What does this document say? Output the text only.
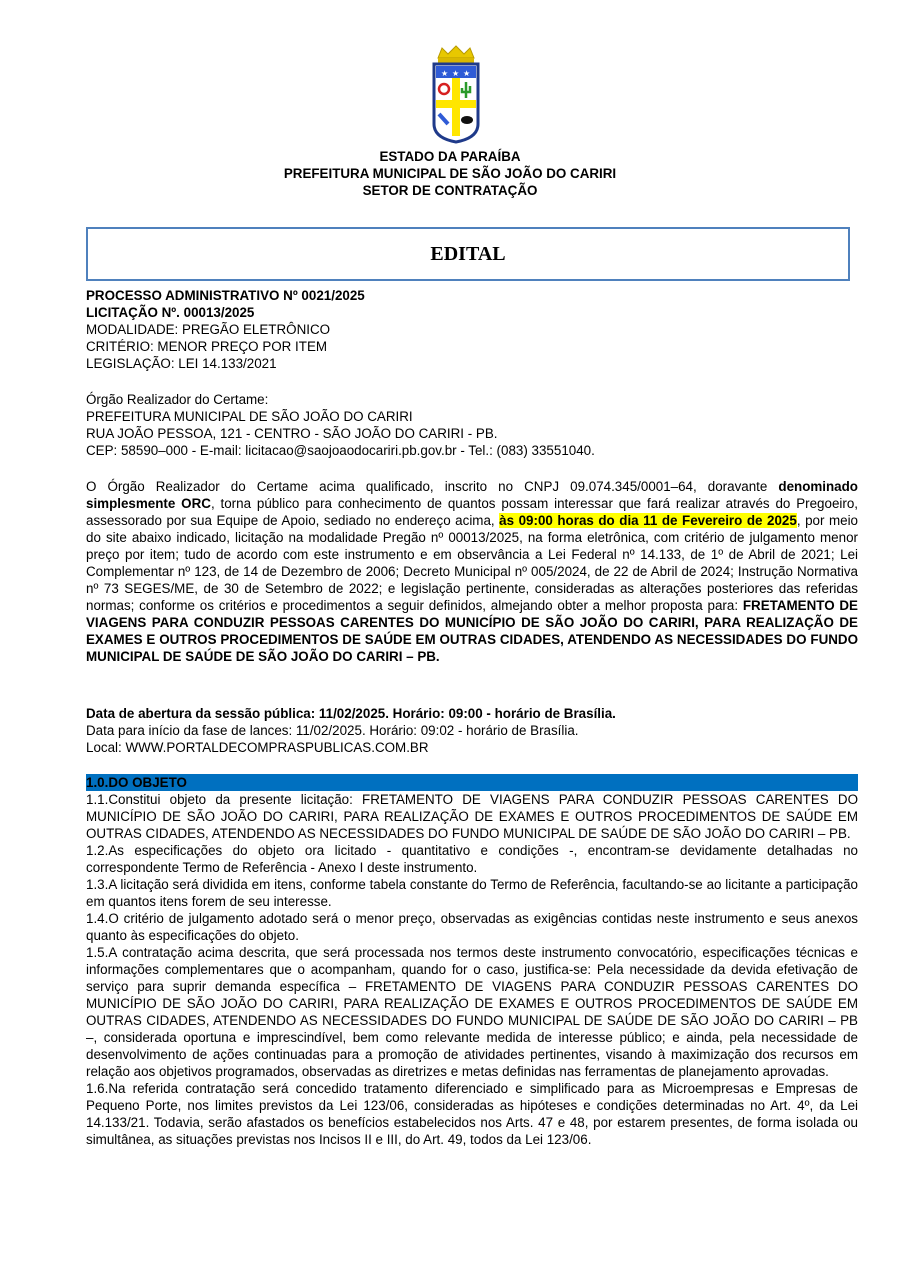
★ ★ ★
ESTADO DA PARAÍBA
PREFEITURA MUNICIPAL DE SÃO JOÃO DO CARIRI
SETOR DE CONTRATAÇÃO
EDITAL

PROCESSO ADMINISTRATIVO Nº 0021/2025

LICITAÇÃO Nº. 00013/2025

MODALIDADE: PREGÃO ELETRÔNICO

CRITÉRIO: MENOR PREÇO POR ITEM

LEGISLAÇÃO: LEI 14.133/2021

Órgão Realizador do Certame:

PREFEITURA MUNICIPAL DE SÃO JOÃO DO CARIRI

RUA JOÃO PESSOA, 121 - CENTRO - SÃO JOÃO DO CARIRI - PB.

CEP: 58590–000 - E-mail: licitacao@saojoaodocariri.pb.gov.br - Tel.: (083) 33551040.

O Órgão Realizador do Certame acima qualificado, inscrito no CNPJ 09.074.345/0001–64, doravante denominado simplesmente ORC, torna público para conhecimento de quantos possam interessar que fará realizar através do Pregoeiro, assessorado por sua Equipe de Apoio, sediado no endereço acima, às 09:00 horas do dia 11 de Fevereiro de 2025, por meio do site abaixo indicado, licitação na modalidade Pregão nº 00013/2025, na forma eletrônica, com critério de julgamento menor preço por item; tudo de acordo com este instrumento e em observância a Lei Federal nº 14.133, de 1º de Abril de 2021; Lei Complementar nº 123, de 14 de Dezembro de 2006; Decreto Municipal nº 005/2024, de 22 de Abril de 2024; Instrução Normativa nº 73 SEGES/ME, de 30 de Setembro de 2022; e legislação pertinente, consideradas as alterações posteriores das referidas normas; conforme os critérios e procedimentos a seguir definidos, almejando obter a melhor proposta para: FRETAMENTO DE VIAGENS PARA CONDUZIR PESSOAS CARENTES DO MUNICÍPIO DE SÃO JOÃO DO CARIRI, PARA REALIZAÇÃO DE EXAMES E OUTROS PROCEDIMENTOS DE SAÚDE EM OUTRAS CIDADES, ATENDENDO AS NECESSIDADES DO FUNDO MUNICIPAL DE SAÚDE DE SÃO JOÃO DO CARIRI – PB.

Data de abertura da sessão pública: 11/02/2025. Horário: 09:00 - horário de Brasília.

Data para início da fase de lances: 11/02/2025. Horário: 09:02 - horário de Brasília.

Local: WWW.PORTALDECOMPRASPUBLICAS.COM.BR

1.0.DO OBJETO

1.1.Constitui objeto da presente licitação: FRETAMENTO DE VIAGENS PARA CONDUZIR PESSOAS CARENTES DO MUNICÍPIO DE SÃO JOÃO DO CARIRI, PARA REALIZAÇÃO DE EXAMES E OUTROS PROCEDIMENTOS DE SAÚDE EM OUTRAS CIDADES, ATENDENDO AS NECESSIDADES DO FUNDO MUNICIPAL DE SAÚDE DE SÃO JOÃO DO CARIRI – PB.

1.2.As especificações do objeto ora licitado - quantitativo e condições -, encontram-se devidamente detalhadas no correspondente Termo de Referência - Anexo I deste instrumento.

1.3.A licitação será dividida em itens, conforme tabela constante do Termo de Referência, facultando-se ao licitante a participação em quantos itens forem de seu interesse.

1.4.O critério de julgamento adotado será o menor preço, observadas as exigências contidas neste instrumento e seus anexos quanto às especificações do objeto.

1.5.A contratação acima descrita, que será processada nos termos deste instrumento convocatório, especificações técnicas e informações complementares que o acompanham, quando for o caso, justifica-se: Pela necessidade da devida efetivação de serviço para suprir demanda específica – FRETAMENTO DE VIAGENS PARA CONDUZIR PESSOAS CARENTES DO MUNICÍPIO DE SÃO JOÃO DO CARIRI, PARA REALIZAÇÃO DE EXAMES E OUTROS PROCEDIMENTOS DE SAÚDE EM OUTRAS CIDADES, ATENDENDO AS NECESSIDADES DO FUNDO MUNICIPAL DE SAÚDE DE SÃO JOÃO DO CARIRI – PB –, considerada oportuna e imprescindível, bem como relevante medida de interesse público; e ainda, pela necessidade de desenvolvimento de ações continuadas para a promoção de atividades pertinentes, visando à maximização dos recursos em relação aos objetivos programados, observadas as diretrizes e metas definidas nas ferramentas de planejamento aprovadas.

1.6.Na referida contratação será concedido tratamento diferenciado e simplificado para as Microempresas e Empresas de Pequeno Porte, nos limites previstos da Lei 123/06, consideradas as hipóteses e condições determinadas no Art. 4º, da Lei 14.133/21. Todavia, serão afastados os benefícios estabelecidos nos Arts. 47 e 48, por estarem presentes, de forma isolada ou simultânea, as situações previstas nos Incisos II e III, do Art. 49, todos da Lei 123/06.
